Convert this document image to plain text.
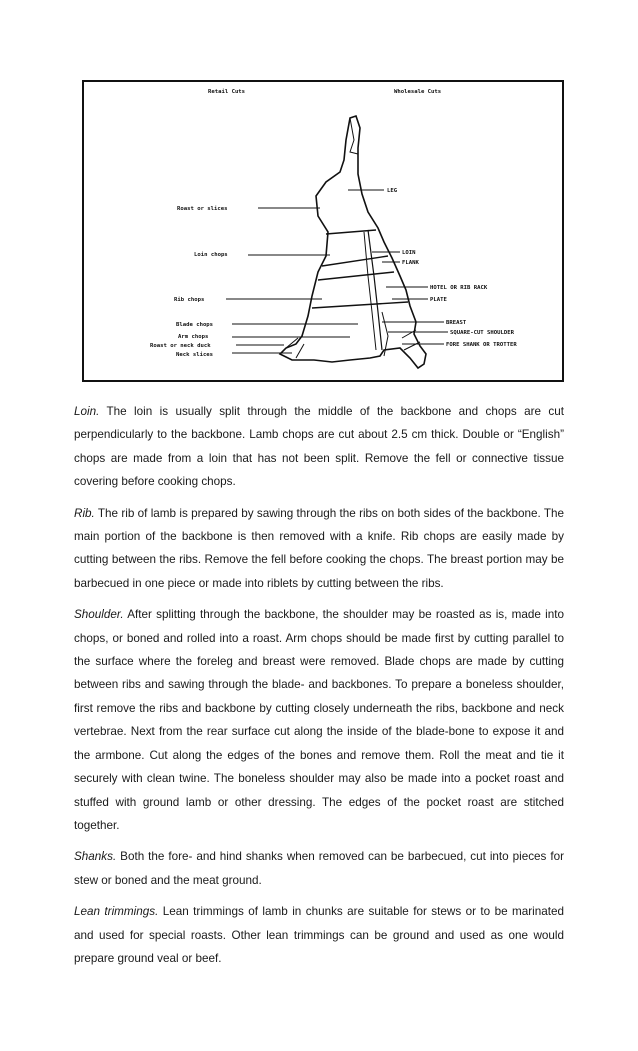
Retail Cuts	Wholesale Cuts
Roast or slices
Loin chops
Rib chops
Blade chops
Arm chops
Roast or neck duck
Neck slices
LEG
LOIN
FLANK
HOTEL OR RIB RACK
PLATE
BREAST
SQUARE-CUT SHOULDER
FORE SHANK OR TROTTER

Loin. The loin is usually split through the middle of the backbone and chops are cut perpendicularly to the backbone. Lamb chops are cut about 2.5 cm thick. Double or “English” chops are made from a loin that has not been split. Remove the fell or connective tissue covering before cooking chops.

Rib. The rib of lamb is prepared by sawing through the ribs on both sides of the backbone. The main portion of the backbone is then removed with a knife. Rib chops are easily made by cutting between the ribs. Remove the fell before cooking the chops. The breast portion may be barbecued in one piece or made into riblets by cutting between the ribs.

Shoulder. After splitting through the backbone, the shoulder may be roasted as is, made into chops, or boned and rolled into a roast. Arm chops should be made first by cutting parallel to the surface where the foreleg and breast were removed. Blade chops are made by cutting between ribs and sawing through the blade- and backbones. To prepare a boneless shoulder, first remove the ribs and backbone by cutting closely underneath the ribs, backbone and neck vertebrae. Next from the rear surface cut along the inside of the blade-bone to expose it and the armbone. Cut along the edges of the bones and remove them. Roll the meat and tie it securely with clean twine. The boneless shoulder may also be made into a pocket roast and stuffed with ground lamb or other dressing. The edges of the pocket roast are stitched together.

Shanks. Both the fore- and hind shanks when removed can be barbecued, cut into pieces for stew or boned and the meat ground.

Lean trimmings. Lean trimmings of lamb in chunks are suitable for stews or to be marinated and used for special roasts. Other lean trimmings can be ground and used as one would prepare ground veal or beef.
